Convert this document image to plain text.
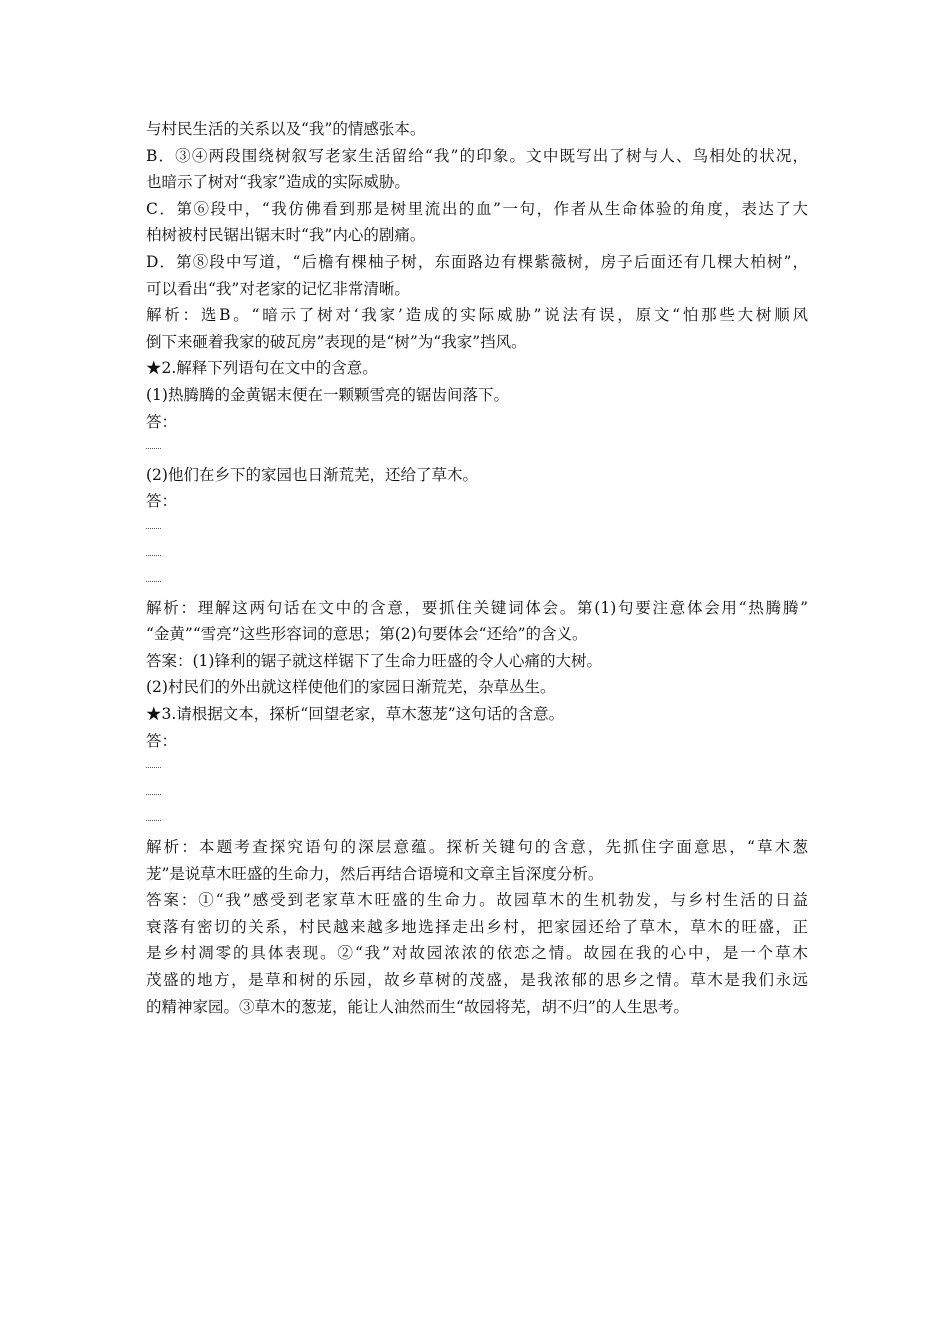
与村民生活的关系以及“我”的情感张本。
B．③④两段围绕树叙写老家生活留给“我”的印象。文中既写出了树与人、鸟相处的状况，
也暗示了树对“我家”造成的实际威胁。
C．第⑥段中，“我仿佛看到那是树里流出的血”一句，作者从生命体验的角度，表达了大
柏树被村民锯出锯末时“我”内心的剧痛。
D．第⑧段中写道，“后檐有棵柚子树，东面路边有棵紫薇树，房子后面还有几棵大柏树”，
可以看出“我”对老家的记忆非常清晰。
解析：选B。“暗示了树对‘我家’造成的实际威胁”说法有误，原文“怕那些大树顺风
倒下来砸着我家的破瓦房”表现的是“树”为“我家”挡风。
★2.解释下列语句在文中的含意。
(1)热腾腾的金黄锯末便在一颗颗雪亮的锯齿间落下。
答：
(2)他们在乡下的家园也日渐荒芜，还给了草木。
答：
解析：理解这两句话在文中的含意，要抓住关键词体会。第(1)句要注意体会用“热腾腾”
“金黄”“雪亮”这些形容词的意思；第(2)句要体会“还给”的含义。
答案：(1)锋利的锯子就这样锯下了生命力旺盛的令人心痛的大树。
(2)村民们的外出就这样使他们的家园日渐荒芜，杂草丛生。
★3.请根据文本，探析“回望老家，草木葱茏”这句话的含意。
答：
解析：本题考查探究语句的深层意蕴。探析关键句的含意，先抓住字面意思，“草木葱
茏”是说草木旺盛的生命力，然后再结合语境和文章主旨深度分析。
答案：①“我”感受到老家草木旺盛的生命力。故园草木的生机勃发，与乡村生活的日益
衰落有密切的关系，村民越来越多地选择走出乡村，把家园还给了草木，草木的旺盛，正
是乡村凋零的具体表现。②“我”对故园浓浓的依恋之情。故园在我的心中，是一个草木
茂盛的地方，是草和树的乐园，故乡草树的茂盛，是我浓郁的思乡之情。草木是我们永远
的精神家园。③草木的葱茏，能让人油然而生“故园将芜，胡不归”的人生思考。
